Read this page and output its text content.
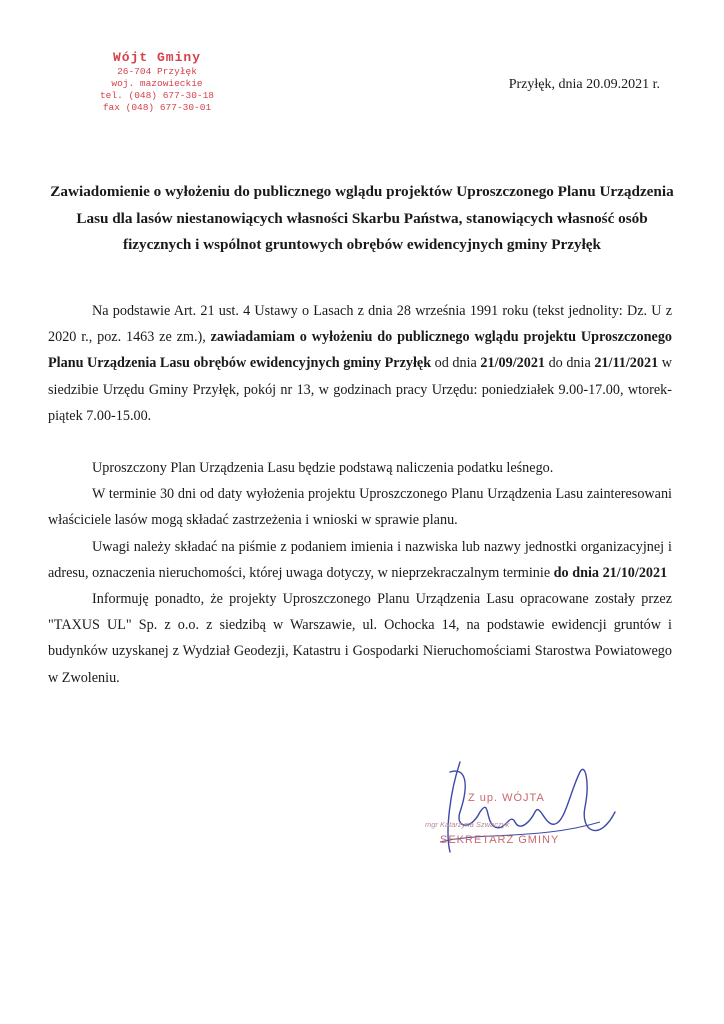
Wójt Gminy
26-704 Przyłęk
woj. mazowieckie
tel. (048) 677-30-18
fax (048) 677-30-01
Przyłęk, dnia 20.09.2021 r.
Zawiadomienie o wyłożeniu do publicznego wglądu projektów Uproszczonego Planu Urządzenia Lasu dla lasów niestanowiących własności Skarbu Państwa, stanowiących własność osób fizycznych i wspólnot gruntowych obrębów ewidencyjnych gminy Przyłęk

Na podstawie Art. 21 ust. 4 Ustawy o Lasach z dnia 28 września 1991 roku (tekst jednolity: Dz. U z 2020 r., poz. 1463 ze zm.), zawiadamiam o wyłożeniu do publicznego wglądu projektu Uproszczonego Planu Urządzenia Lasu obrębów ewidencyjnych gminy Przyłęk od dnia 21/09/2021 do dnia 21/11/2021 w siedzibie Urzędu Gminy Przyłęk, pokój nr 13, w godzinach pracy Urzędu: poniedziałek 9.00-17.00, wtorek-piątek 7.00-15.00.

Uproszczony Plan Urządzenia Lasu będzie podstawą naliczenia podatku leśnego.

W terminie 30 dni od daty wyłożenia projektu Uproszczonego Planu Urządzenia Lasu zainteresowani właściciele lasów mogą składać zastrzeżenia i wnioski w sprawie planu.

Uwagi należy składać na piśmie z podaniem imienia i nazwiska lub nazwy jednostki organizacyjnej i adresu, oznaczenia nieruchomości, której uwaga dotyczy, w nieprzekraczalnym terminie do dnia 21/10/2021

Informuję ponadto, że projekty Uproszczonego Planu Urządzenia Lasu opracowane zostały przez "TAXUS UL" Sp. z o.o. z siedzibą w Warszawie, ul. Ochocka 14, na podstawie ewidencji gruntów i budynków uzyskanej z Wydział Geodezji, Katastru i Gospodarki Nieruchomościami Starostwa Powiatowego w Zwoleniu.

Z up. WÓJTA
mgr Katarzyna Szwaczyk
SEKRETARZ GMINY
